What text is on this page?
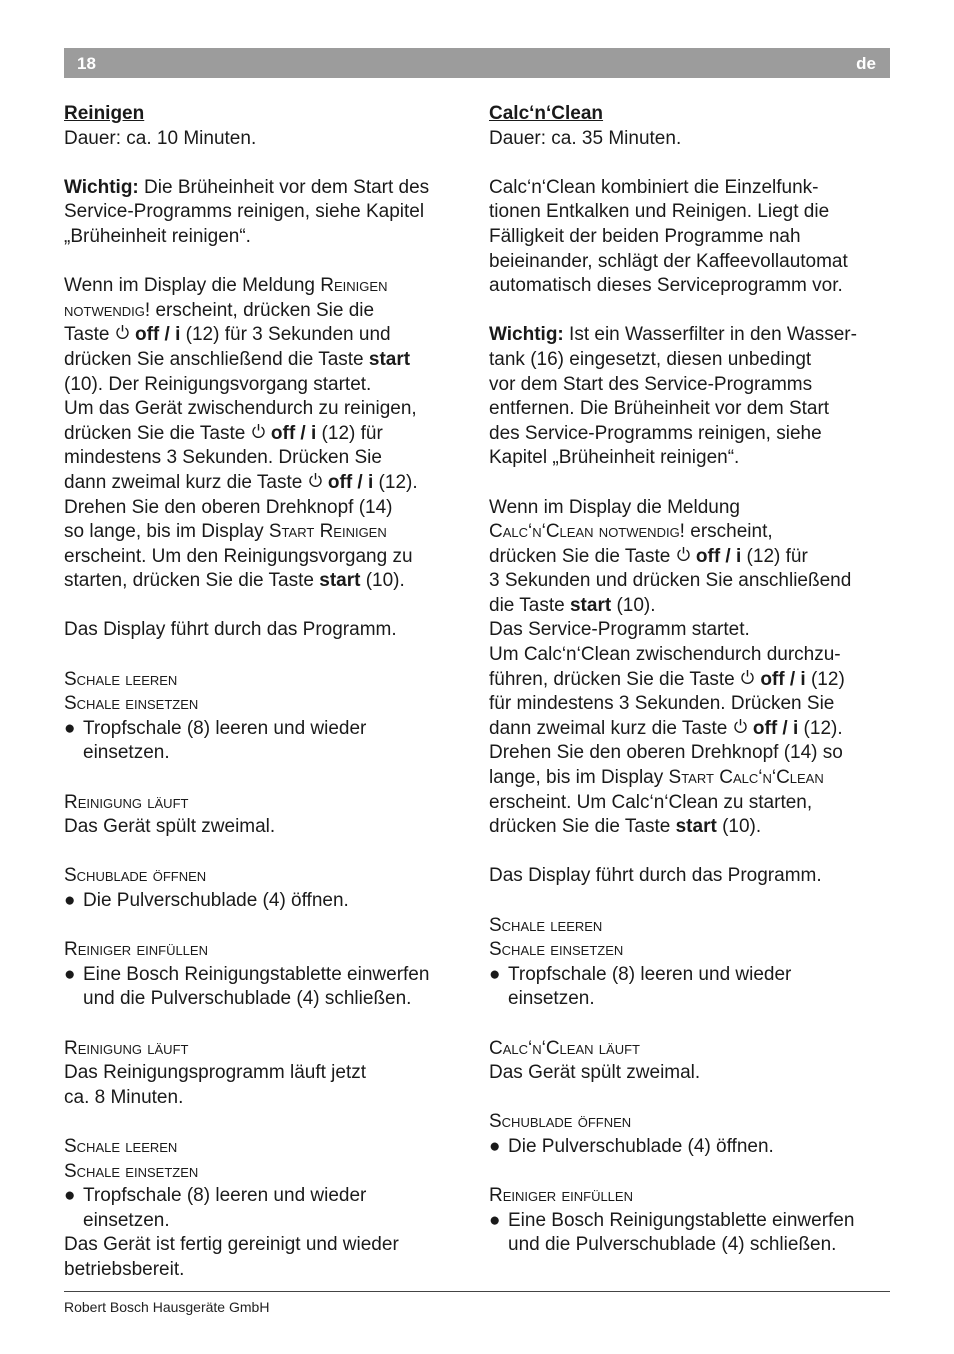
18	de
Reinigen
Dauer: ca. 10 Minuten.
Wichtig: Die Brüheinheit vor dem Start des
Service-Programms reinigen, siehe Kapitel
„Brüheinheit reinigen“.
Wenn im Display die Meldung Reinigen
notwendig! erscheint, drücken Sie die
Taste  off / i (12) für 3 Sekunden und
drücken Sie anschließend die Taste start
(10). Der Reinigungsvorgang startet.
Um das Gerät zwischendurch zu reinigen,
drücken Sie die Taste  off / i (12) für
mindestens 3 Sekunden. Drücken Sie
dann zweimal kurz die Taste  off / i (12).
Drehen Sie den oberen Drehknopf (14)
so lange, bis im Display Start Reinigen
erscheint. Um den Reinigungsvorgang zu
starten, drücken Sie die Taste start (10).
Das Display führt durch das Programm.
Schale leeren
Schale einsetzen
● Tropfschale (8) leeren und wieder
einsetzen.
Reinigung läuft
Das Gerät spült zweimal.
Schublade öffnen
● Die Pulverschublade (4) öffnen.
Reiniger einfüllen
● Eine Bosch Reinigungstablette einwerfen
und die Pulverschublade (4) schließen.
Reinigung läuft
Das Reinigungsprogramm läuft jetzt
ca. 8 Minuten.
Schale leeren
Schale einsetzen
● Tropfschale (8) leeren und wieder
einsetzen.
Das Gerät ist fertig gereinigt und wieder
betriebsbereit.
Calc‘n‘Clean
Dauer: ca. 35 Minuten.
Calc‘n‘Clean kombiniert die Einzelfunk-
tionen Entkalken und Reinigen. Liegt die
Fälligkeit der beiden Programme nah
beieinander, schlägt der Kaffeevollautomat
automatisch dieses Serviceprogramm vor.
Wichtig: Ist ein Wasserfilter in den Wasser-
tank (16) eingesetzt, diesen unbedingt
vor dem Start des Service-Programms
entfernen. Die Brüheinheit vor dem Start
des Service-Programms reinigen, siehe
Kapitel „Brüheinheit reinigen“.
Wenn im Display die Meldung
Calc‘n‘Clean notwendig! erscheint,
drücken Sie die Taste  off / i (12) für
3 Sekunden und drücken Sie anschließend
die Taste start (10).
Das Service-Programm startet.
Um Calc‘n‘Clean zwischendurch durchzu-
führen, drücken Sie die Taste  off / i (12)
für mindestens 3 Sekunden. Drücken Sie
dann zweimal kurz die Taste  off / i (12).
Drehen Sie den oberen Drehknopf (14) so
lange, bis im Display Start Calc‘n‘Clean
erscheint. Um Calc‘n‘Clean zu starten,
drücken Sie die Taste start (10).
Das Display führt durch das Programm.
Schale leeren
Schale einsetzen
● Tropfschale (8) leeren und wieder
einsetzen.
Calc‘n‘Clean läuft
Das Gerät spült zweimal.
Schublade öffnen
● Die Pulverschublade (4) öffnen.
Reiniger einfüllen
● Eine Bosch Reinigungstablette einwerfen
und die Pulverschublade (4) schließen.
Robert Bosch Hausgeräte GmbH
